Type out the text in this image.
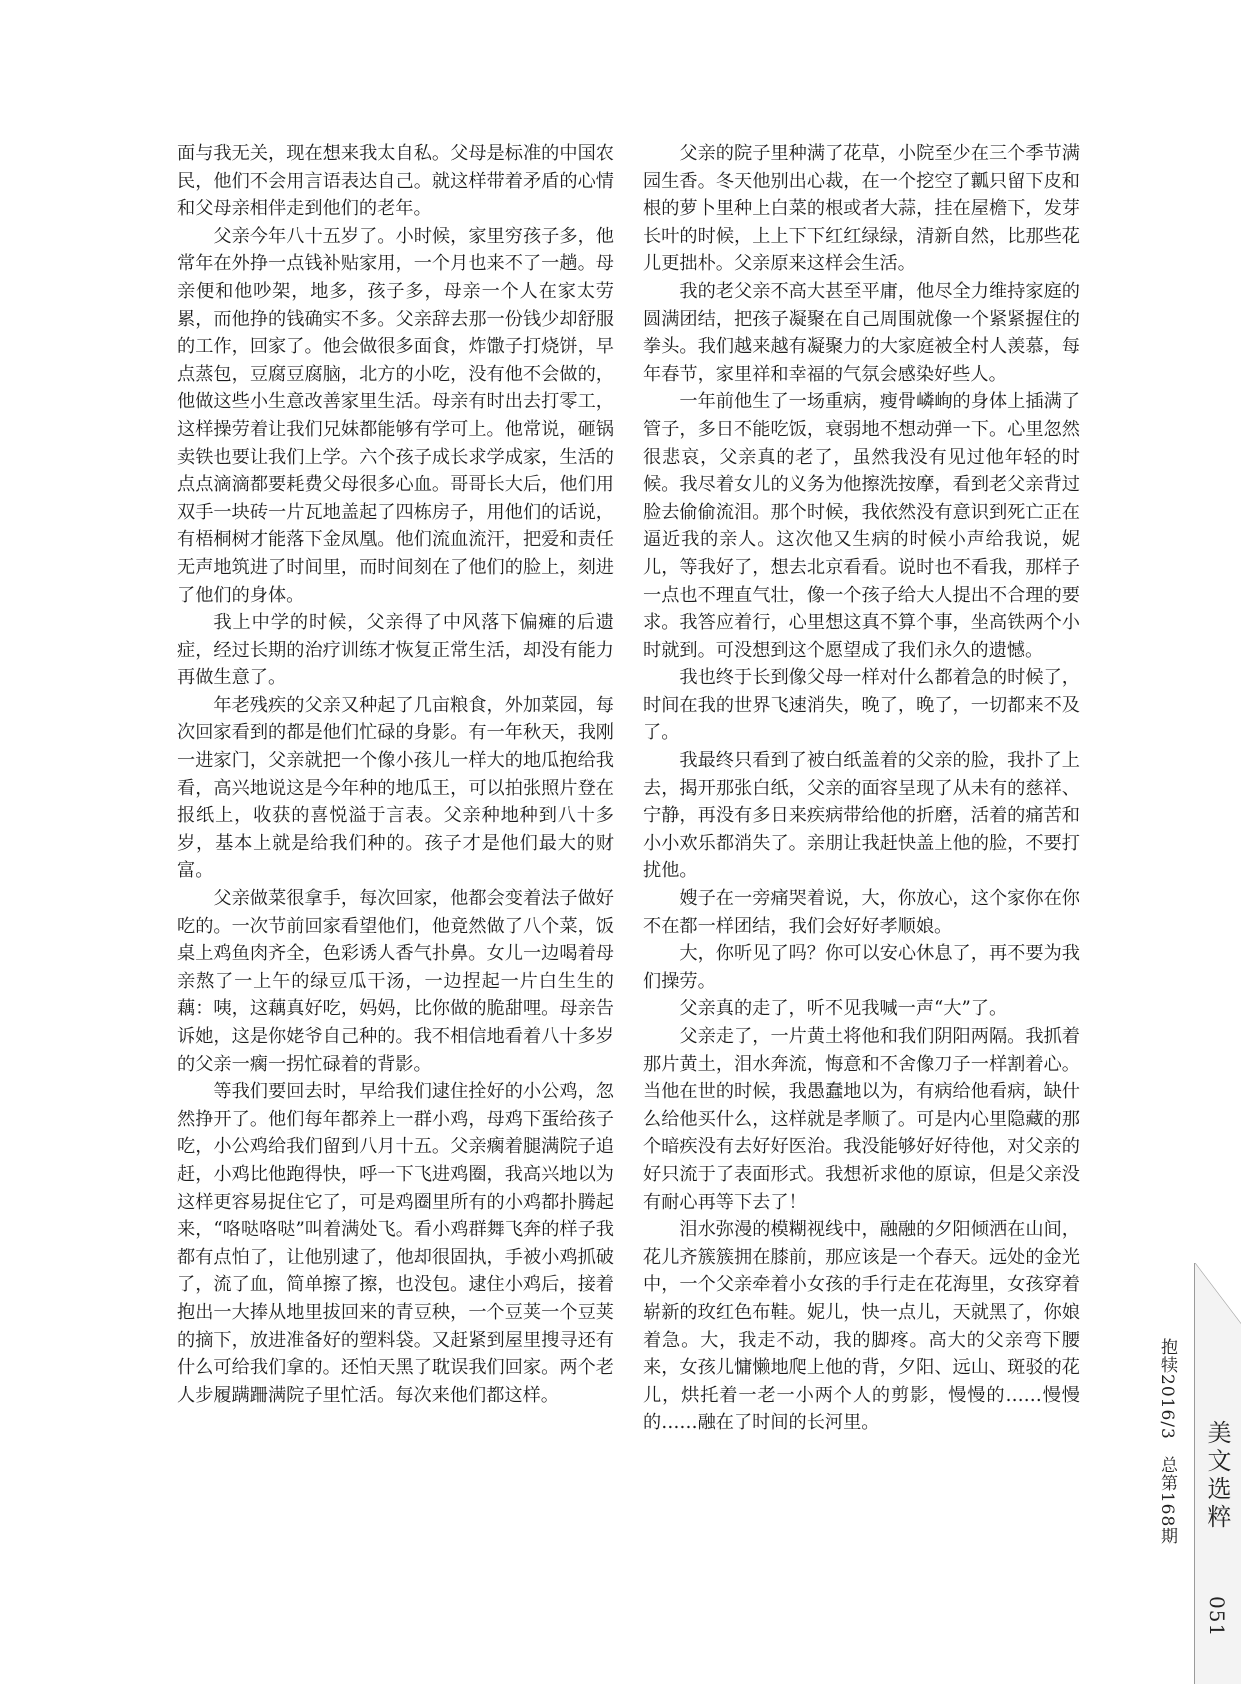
面与我无关，现在想来我太自私。父母是标准的中国农民，他们不会用言语表达自己。就这样带着矛盾的心情和父母亲相伴走到他们的老年。

父亲今年八十五岁了。小时候，家里穷孩子多，他常年在外挣一点钱补贴家用，一个月也来不了一趟。母亲便和他吵架，地多，孩子多，母亲一个人在家太劳累，而他挣的钱确实不多。父亲辞去那一份钱少却舒服的工作，回家了。他会做很多面食，炸馓子打烧饼，早点蒸包，豆腐豆腐脑，北方的小吃，没有他不会做的，他做这些小生意改善家里生活。母亲有时出去打零工，这样操劳着让我们兄妹都能够有学可上。他常说，砸锅卖铁也要让我们上学。六个孩子成长求学成家，生活的点点滴滴都要耗费父母很多心血。哥哥长大后，他们用双手一块砖一片瓦地盖起了四栋房子，用他们的话说，有梧桐树才能落下金凤凰。他们流血流汗，把爱和责任无声地筑进了时间里，而时间刻在了他们的脸上，刻进了他们的身体。

我上中学的时候，父亲得了中风落下偏瘫的后遗症，经过长期的治疗训练才恢复正常生活，却没有能力再做生意了。

年老残疾的父亲又种起了几亩粮食，外加菜园，每次回家看到的都是他们忙碌的身影。有一年秋天，我刚一进家门，父亲就把一个像小孩儿一样大的地瓜抱给我看，高兴地说这是今年种的地瓜王，可以拍张照片登在报纸上，收获的喜悦溢于言表。父亲种地种到八十多岁，基本上就是给我们种的。孩子才是他们最大的财富。

父亲做菜很拿手，每次回家，他都会变着法子做好吃的。一次节前回家看望他们，他竟然做了八个菜，饭桌上鸡鱼肉齐全，色彩诱人香气扑鼻。女儿一边喝着母亲熬了一上午的绿豆瓜干汤，一边捏起一片白生生的藕：咦，这藕真好吃，妈妈，比你做的脆甜哩。母亲告诉她，这是你姥爷自己种的。我不相信地看着八十多岁的父亲一瘸一拐忙碌着的背影。

等我们要回去时，早给我们逮住拴好的小公鸡，忽然挣开了。他们每年都养上一群小鸡，母鸡下蛋给孩子吃，小公鸡给我们留到八月十五。父亲瘸着腿满院子追赶，小鸡比他跑得快，呼一下飞进鸡圈，我高兴地以为这样更容易捉住它了，可是鸡圈里所有的小鸡都扑腾起来，“咯哒咯哒”叫着满处飞。看小鸡群舞飞奔的样子我都有点怕了，让他别逮了，他却很固执，手被小鸡抓破了，流了血，简单擦了擦，也没包。逮住小鸡后，接着抱出一大捧从地里拔回来的青豆秧，一个豆荚一个豆荚的摘下，放进准备好的塑料袋。又赶紧到屋里搜寻还有什么可给我们拿的。还怕天黑了耽误我们回家。两个老人步履蹒跚满院子里忙活。每次来他们都这样。

父亲的院子里种满了花草，小院至少在三个季节满园生香。冬天他别出心裁，在一个挖空了瓤只留下皮和根的萝卜里种上白菜的根或者大蒜，挂在屋檐下，发芽长叶的时候，上上下下红红绿绿，清新自然，比那些花儿更拙朴。父亲原来这样会生活。

我的老父亲不高大甚至平庸，他尽全力维持家庭的圆满团结，把孩子凝聚在自己周围就像一个紧紧握住的拳头。我们越来越有凝聚力的大家庭被全村人羡慕，每年春节，家里祥和幸福的气氛会感染好些人。

一年前他生了一场重病，瘦骨嶙峋的身体上插满了管子，多日不能吃饭，衰弱地不想动弹一下。心里忽然很悲哀，父亲真的老了，虽然我没有见过他年轻的时候。我尽着女儿的义务为他擦洗按摩，看到老父亲背过脸去偷偷流泪。那个时候，我依然没有意识到死亡正在逼近我的亲人。这次他又生病的时候小声给我说，妮儿，等我好了，想去北京看看。说时也不看我，那样子一点也不理直气壮，像一个孩子给大人提出不合理的要求。我答应着行，心里想这真不算个事，坐高铁两个小时就到。可没想到这个愿望成了我们永久的遗憾。

我也终于长到像父母一样对什么都着急的时候了，时间在我的世界飞速消失，晚了，晚了，一切都来不及了。

我最终只看到了被白纸盖着的父亲的脸，我扑了上去，揭开那张白纸，父亲的面容呈现了从未有的慈祥、宁静，再没有多日来疾病带给他的折磨，活着的痛苦和小小欢乐都消失了。亲朋让我赶快盖上他的脸，不要打扰他。

嫂子在一旁痛哭着说，大，你放心，这个家你在你不在都一样团结，我们会好好孝顺娘。

大，你听见了吗？你可以安心休息了，再不要为我们操劳。

父亲真的走了，听不见我喊一声“大”了。

父亲走了，一片黄土将他和我们阴阳两隔。我抓着那片黄土，泪水奔流，悔意和不舍像刀子一样割着心。当他在世的时候，我愚蠢地以为，有病给他看病，缺什么给他买什么，这样就是孝顺了。可是内心里隐藏的那个暗疾没有去好好医治。我没能够好好待他，对父亲的好只流于了表面形式。我想祈求他的原谅，但是父亲没有耐心再等下去了！

泪水弥漫的模糊视线中，融融的夕阳倾洒在山间，花儿齐簇簇拥在膝前，那应该是一个春天。远处的金光中，一个父亲牵着小女孩的手行走在花海里，女孩穿着崭新的玫红色布鞋。妮儿，快一点儿，天就黑了，你娘着急。大，我走不动，我的脚疼。高大的父亲弯下腰来，女孩儿慵懒地爬上他的背，夕阳、远山、斑驳的花儿，烘托着一老一小两个人的剪影，慢慢的……慢慢的……融在了时间的长河里。	抱犊2016/3总第168期 美文选粹
051
